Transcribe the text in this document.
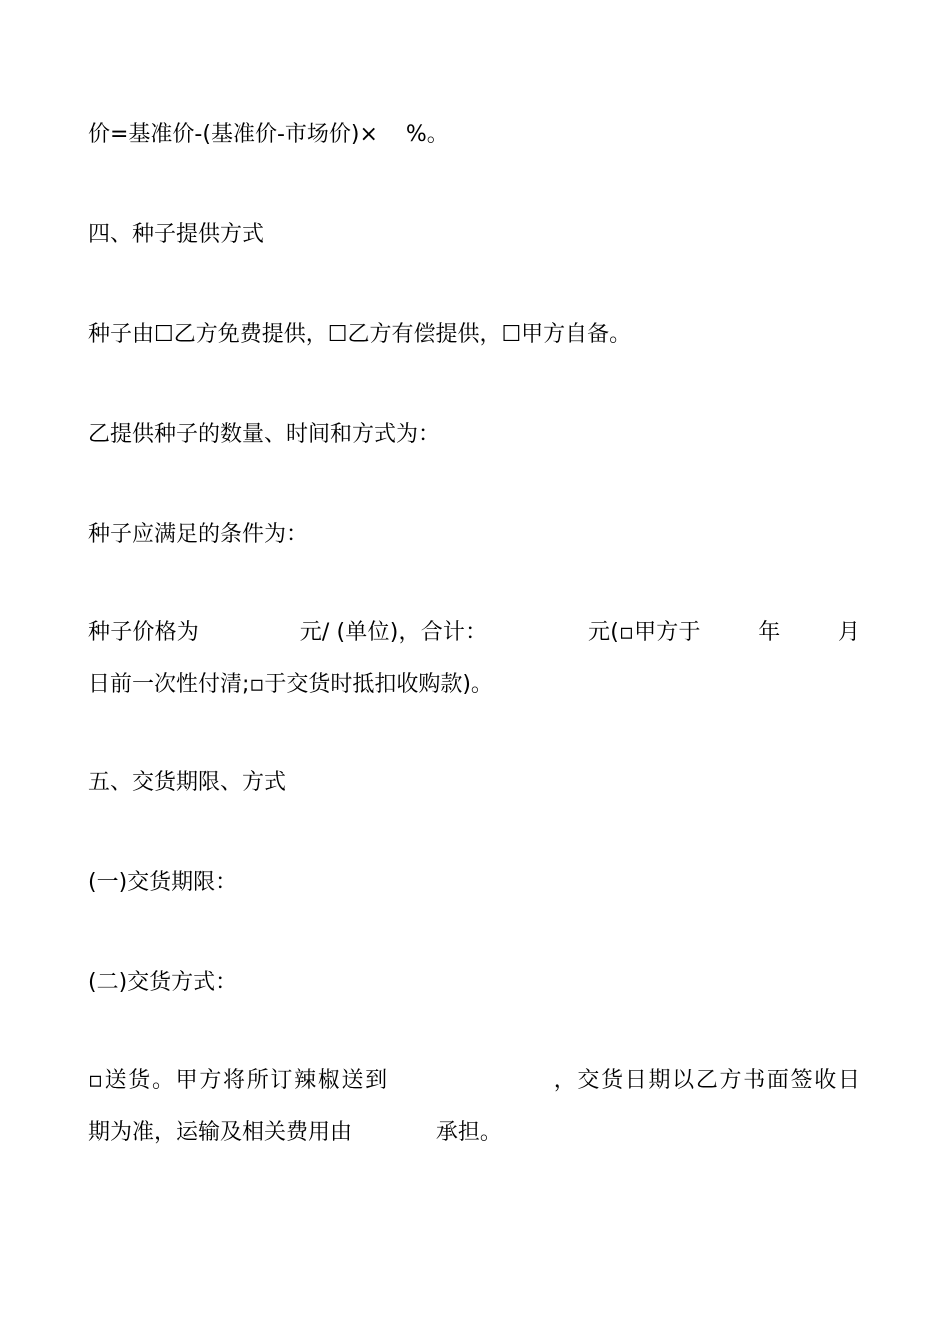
价=基准价-(基准价-市场价)×    %。

四、种子提供方式

种子由☐乙方免费提供，☐乙方有偿提供，☐甲方自备。

乙提供种子的数量、时间和方式为：

种子应满足的条件为：

种子价格为              元/ (单位)，合计：              元(▫甲方于        年        月

日前一次性付清;▫于交货时抵扣收购款)。

五、交货期限、方式

(一)交货期限：

(二)交货方式：

▫送货。甲方将所订辣椒送到                   ，交货日期以乙方书面签收日

期为准，运输及相关费用由            承担。
